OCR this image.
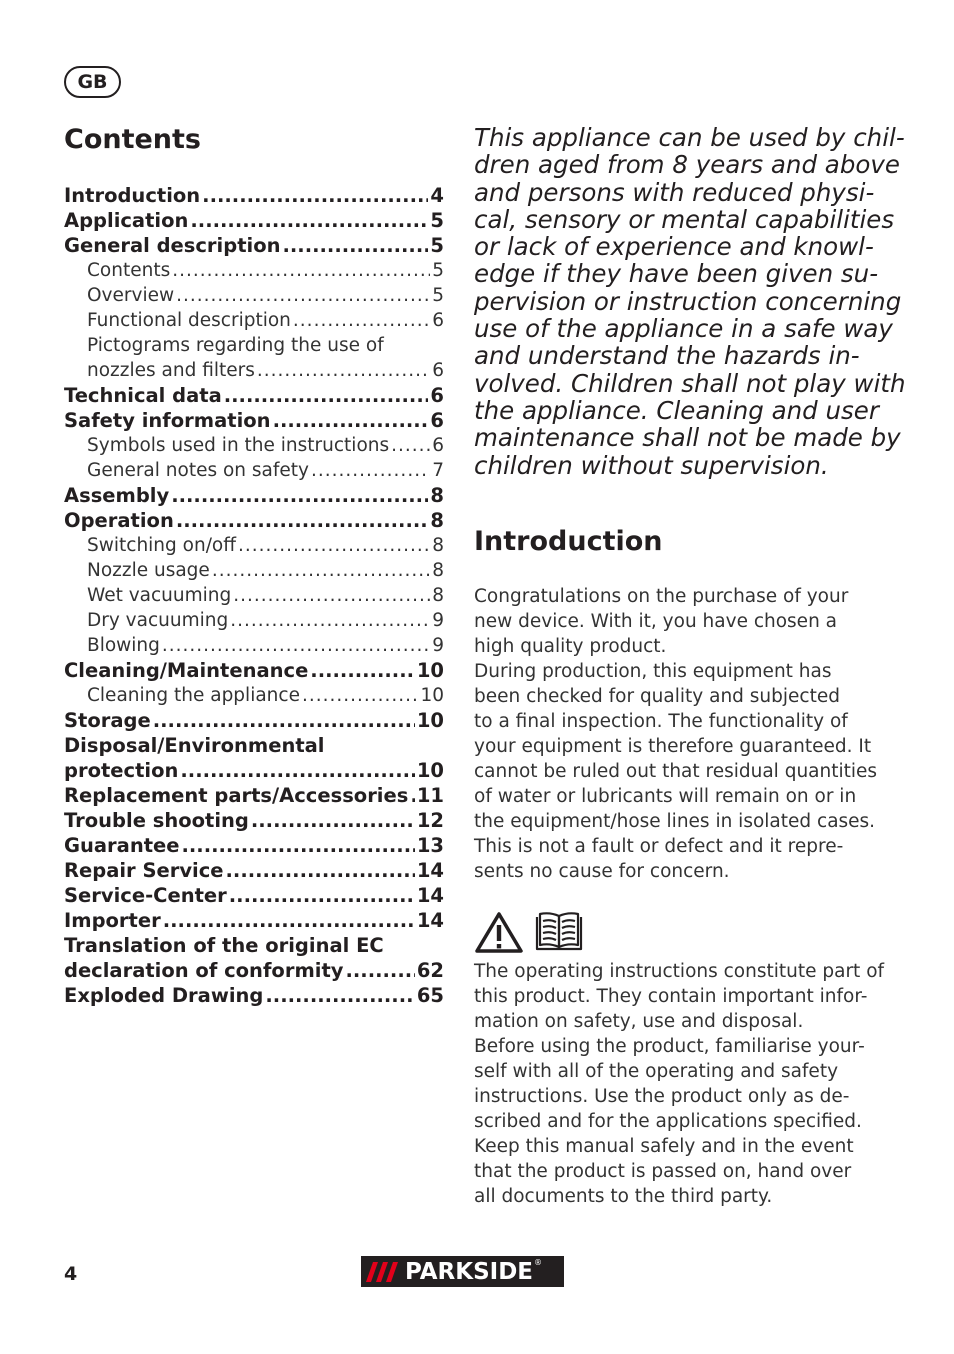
GB
Contents
Introduction .....	4
Application .....	5
General description .....	5
Contents .....	5
Overview .....	5
Functional description .....	6
Pictograms regarding the use of
nozzles and filters .....	6
Technical data .....	6
Safety information .....	6
Symbols used in the instructions ..... 6
General notes on safety .....	7
Assembly .....	8
Operation .....	8
Switching on/off .....	8
Nozzle usage .....	8
Wet vacuuming .....	8
Dry vacuuming .....	9
Blowing .....	9
Cleaning/Maintenance .....	10
Cleaning the appliance .....	10
Storage .....	10
Disposal/Environmental
protection .....	10
Replacement parts/Accessories ..... 11
Trouble shooting .....	12
Guarantee .....	13
Repair Service .....	14
Service-Center .....	14
Importer .....	14
Translation of the original EC
declaration of conformity .....	62
Exploded Drawing .....	65

This appliance can be used by chil-
dren aged from 8 years and above
and persons with reduced physi-
cal, sensory or mental capabilities
or lack of experience and knowl-
edge if they have been given su-
pervision or instruction concerning
use of the appliance in a safe way
and understand the hazards in-
volved. Children shall not play with
the appliance. Cleaning and user
maintenance shall not be made by
children without supervision.

Introduction

Congratulations on the purchase of your
new device. With it, you have chosen a
high quality product.
During production, this equipment has
been checked for quality and subjected
to a final inspection. The functionality of
your equipment is therefore guaranteed. It
cannot be ruled out that residual quantities
of water or lubricants will remain on or in
the equipment/hose lines in isolated cases.
This is not a fault or defect and it repre-
sents no cause for concern.

The operating instructions constitute part of
this product. They contain important infor-
mation on safety, use and disposal.
Before using the product, familiarise your-
self with all of the operating and safety
instructions. Use the product only as de-
scribed and for the applications specified.
Keep this manual safely and in the event
that the product is passed on, hand over
all documents to the third party.

4	PARKSIDE ®
